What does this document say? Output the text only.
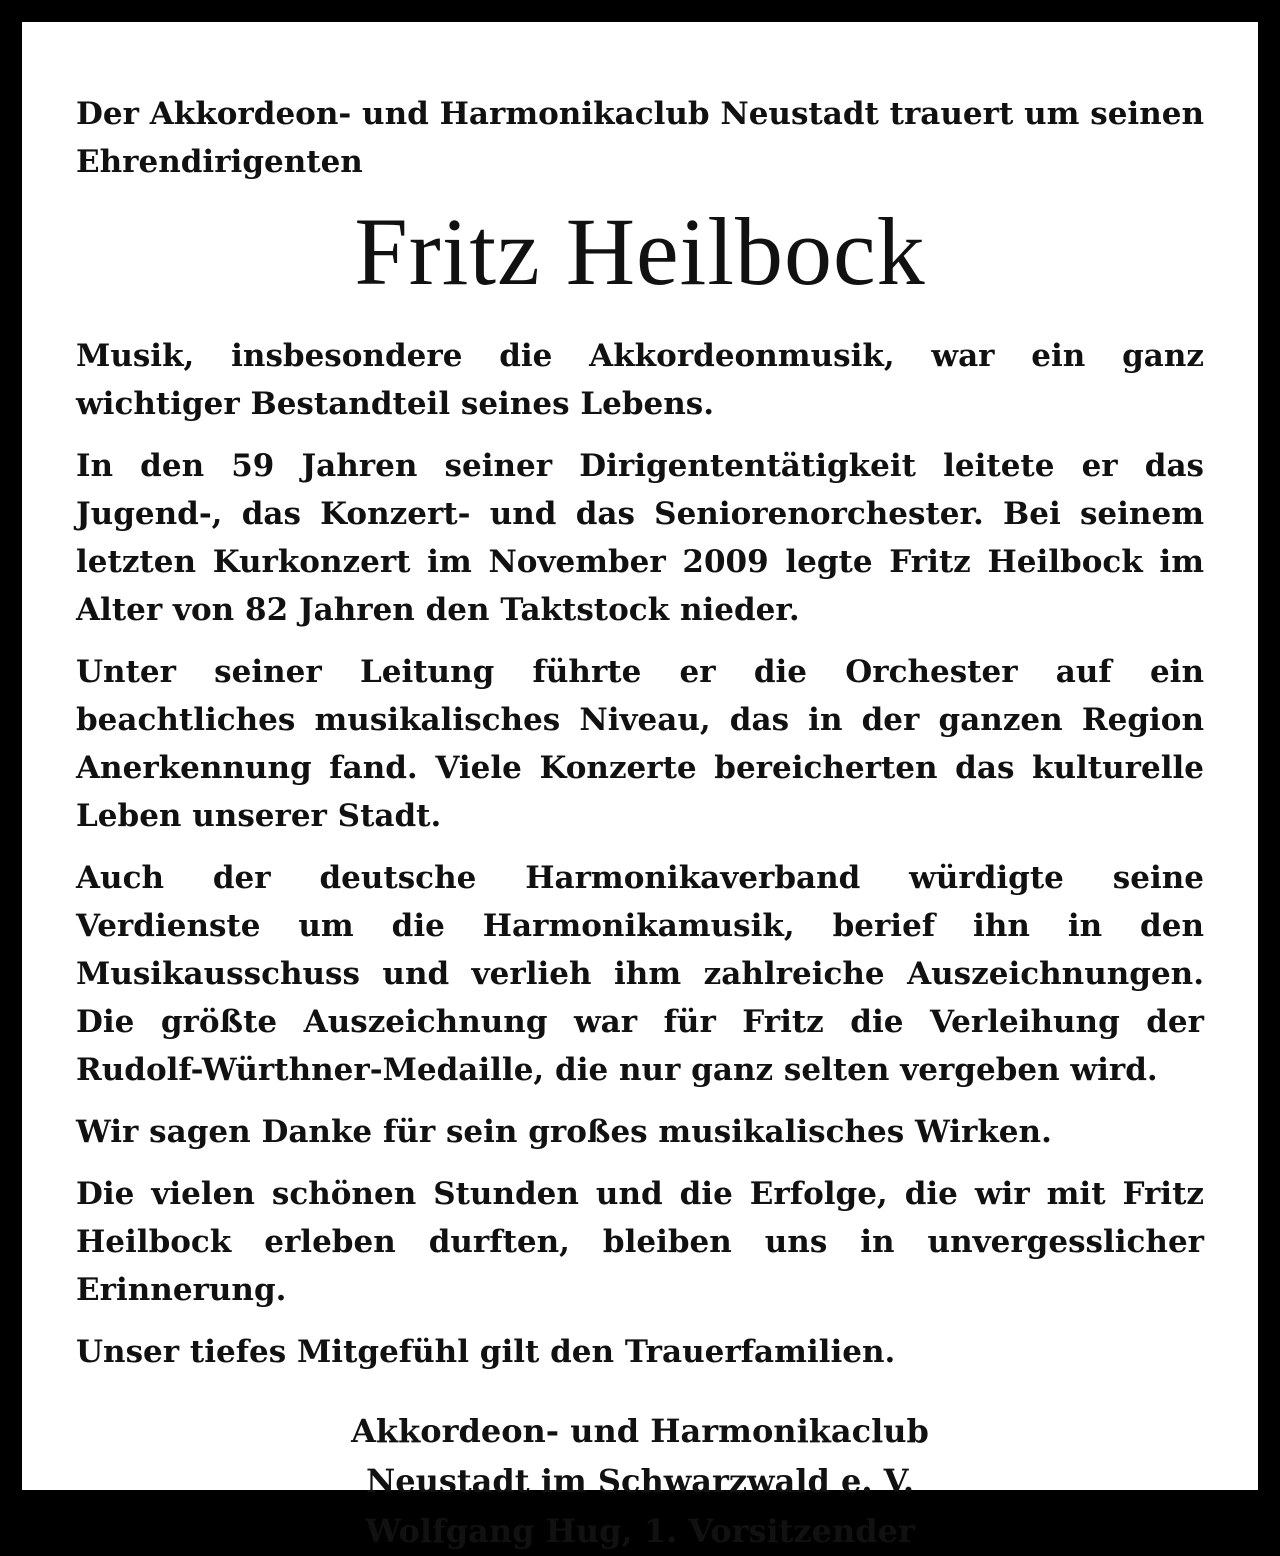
Der Akkordeon- und Harmonikaclub Neustadt trauert um seinen Ehrendirigenten

Fritz Heilbock

Musik, insbesondere die Akkordeonmusik, war ein ganz wichtiger Bestandteil seines Lebens.

In den 59 Jahren seiner Dirigententätigkeit leitete er das Jugend-, das Konzert- und das Seniorenorchester. Bei seinem letzten Kurkonzert im November 2009 legte Fritz Heilbock im Alter von 82 Jahren den Taktstock nieder.

Unter seiner Leitung führte er die Orchester auf ein beachtliches musikalisches Niveau, das in der ganzen Region Anerkennung fand. Viele Konzerte bereicherten das kulturelle Leben unserer Stadt.

Auch der deutsche Harmonikaverband würdigte seine Verdienste um die Harmonikamusik, berief ihn in den Musikausschuss und verlieh ihm zahlreiche Auszeichnungen. Die größte Auszeichnung war für Fritz die Verleihung der Rudolf-Würthner-Medaille, die nur ganz selten vergeben wird.

Wir sagen Danke für sein großes musikalisches Wirken.

Die vielen schönen Stunden und die Erfolge, die wir mit Fritz Heilbock erleben durften, bleiben uns in unvergesslicher Erinnerung.

Unser tiefes Mitgefühl gilt den Trauerfamilien.

Akkordeon- und Harmonikaclub
Neustadt im Schwarzwald e. V.
Wolfgang Hug, 1. Vorsitzender
